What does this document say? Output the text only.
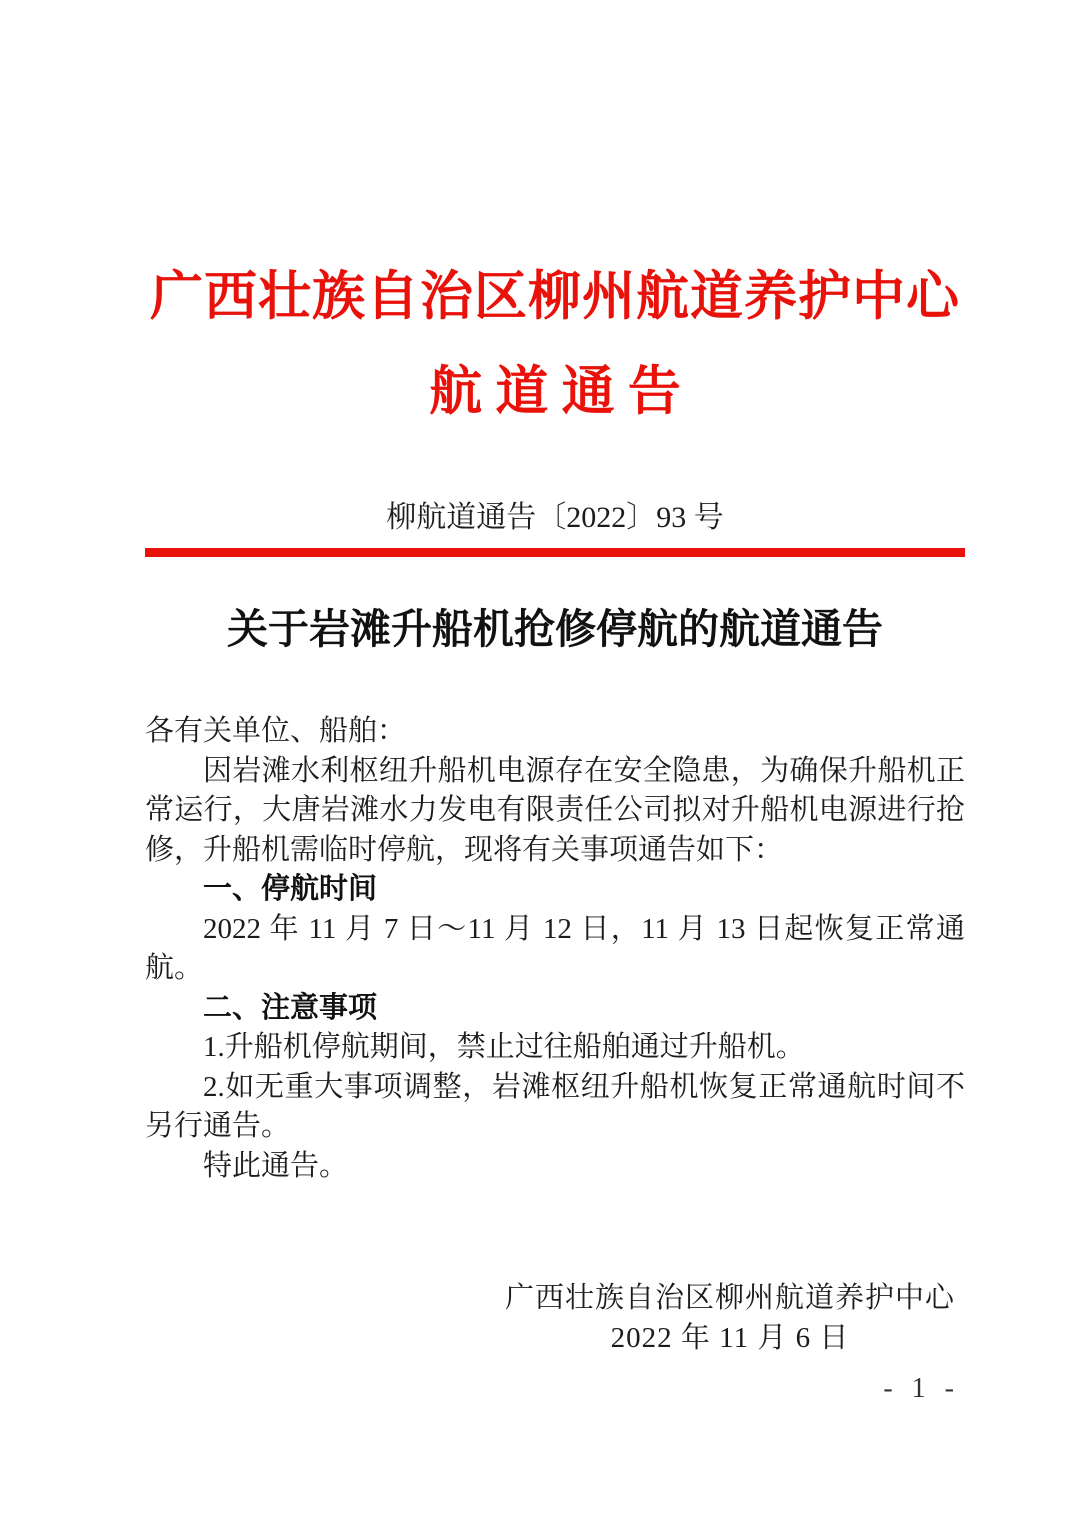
广西壮族自治区柳州航道养护中心
航道通告
柳航道通告〔2022〕93 号
关于岩滩升船机抢修停航的航道通告

各有关单位、船舶：

因岩滩水利枢纽升船机电源存在安全隐患，为确保升船机正常运行，大唐岩滩水力发电有限责任公司拟对升船机电源进行抢修，升船机需临时停航，现将有关事项通告如下：

一、停航时间

2022 年 11 月 7 日～11 月 12 日，11 月 13 日起恢复正常通航。

二、注意事项

1.升船机停航期间，禁止过往船舶通过升船机。

2.如无重大事项调整，岩滩枢纽升船机恢复正常通航时间不另行通告。

特此通告。

广西壮族自治区柳州航道养护中心
2022 年 11 月 6 日
- 1 -
